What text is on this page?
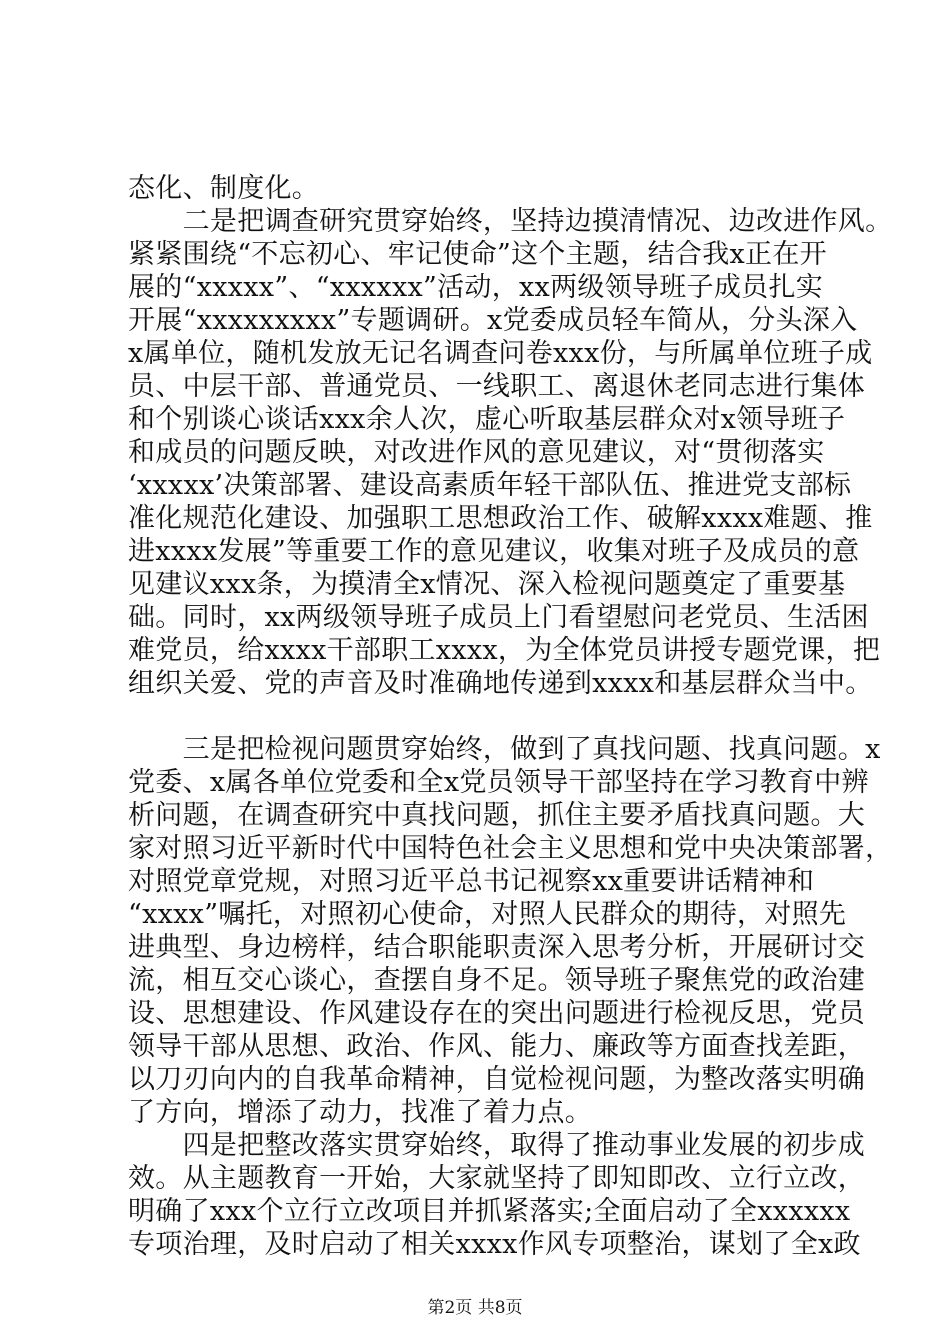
态化、制度化。
　　二是把调查研究贯穿始终，坚持边摸清情况、边改进作风。
紧紧围绕“不忘初心、牢记使命”这个主题，结合我x正在开
展的“xxxxx”、“xxxxxx”活动，xx两级领导班子成员扎实
开展“xxxxxxxxx”专题调研。x党委成员轻车简从，分头深入
x属单位，随机发放无记名调查问卷xxx份，与所属单位班子成
员、中层干部、普通党员、一线职工、离退休老同志进行集体
和个别谈心谈话xxx余人次，虚心听取基层群众对x领导班子
和成员的问题反映，对改进作风的意见建议，对“贯彻落实
‘xxxxx’决策部署、建设高素质年轻干部队伍、推进党支部标
准化规范化建设、加强职工思想政治工作、破解xxxx难题、推
进xxxx发展”等重要工作的意见建议，收集对班子及成员的意
见建议xxx条，为摸清全x情况、深入检视问题奠定了重要基
础。同时，xx两级领导班子成员上门看望慰问老党员、生活困
难党员，给xxxx干部职工xxxx，为全体党员讲授专题党课，把
组织关爱、党的声音及时准确地传递到xxxx和基层群众当中。
　　三是把检视问题贯穿始终，做到了真找问题、找真问题。x
党委、x属各单位党委和全x党员领导干部坚持在学习教育中辨
析问题，在调查研究中真找问题，抓住主要矛盾找真问题。大
家对照习近平新时代中国特色社会主义思想和党中央决策部署，
对照党章党规，对照习近平总书记视察xx重要讲话精神和
“xxxx”嘱托，对照初心使命，对照人民群众的期待，对照先
进典型、身边榜样，结合职能职责深入思考分析，开展研讨交
流，相互交心谈心，查摆自身不足。领导班子聚焦党的政治建
设、思想建设、作风建设存在的突出问题进行检视反思，党员
领导干部从思想、政治、作风、能力、廉政等方面查找差距，
以刀刃向内的自我革命精神，自觉检视问题，为整改落实明确
了方向，增添了动力，找准了着力点。
　　四是把整改落实贯穿始终，取得了推动事业发展的初步成
效。从主题教育一开始，大家就坚持了即知即改、立行立改，
明确了xxx个立行立改项目并抓紧落实;全面启动了全xxxxxx
专项治理，及时启动了相关xxxx作风专项整治，谋划了全x政
第2页 共8页
